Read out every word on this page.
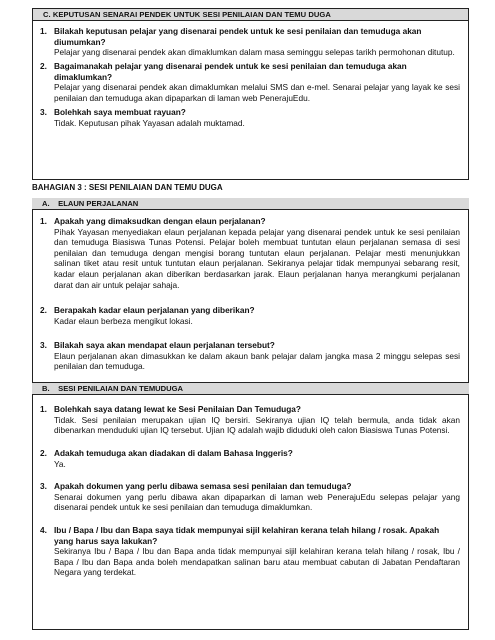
C. KEPUTUSAN SENARAI PENDEK UNTUK SESI PENILAIAN DAN TEMU DUGA
1. Bilakah keputusan pelajar yang disenarai pendek untuk ke sesi penilaian dan temuduga akan diumumkan?
Pelajar yang disenarai pendek akan dimaklumkan dalam masa seminggu selepas tarikh permohonan ditutup.
2. Bagaimanakah pelajar yang disenarai pendek untuk ke sesi penilaian dan temuduga akan dimaklumkan?
Pelajar yang disenarai pendek akan dimaklumkan melalui SMS dan e-mel. Senarai pelajar yang layak ke sesi penilaian dan temuduga akan dipaparkan di laman web PenerajuEdu.
3. Bolehkah saya membuat rayuan?
Tidak. Keputusan pihak Yayasan adalah muktamad.
BAHAGIAN 3 : SESI PENILAIAN DAN TEMU DUGA
A. ELAUN PERJALANAN
1. Apakah yang dimaksudkan dengan elaun perjalanan?
Pihak Yayasan menyediakan elaun perjalanan kepada pelajar yang disenarai pendek untuk ke sesi penilaian dan temuduga Biasiswa Tunas Potensi. Pelajar boleh membuat tuntutan elaun perjalanan semasa di sesi penilaian dan temuduga dengan mengisi borang tuntutan elaun perjalanan. Pelajar mesti menunjukkan salinan tiket atau resit untuk tuntutan elaun perjalanan. Sekiranya pelajar tidak mempunyai sebarang resit, kadar elaun perjalanan akan diberikan berdasarkan jarak. Elaun perjalanan hanya merangkumi perjalanan darat dan air untuk pelajar sahaja.
2. Berapakah kadar elaun perjalanan yang diberikan?
Kadar elaun berbeza mengikut lokasi.
3. Bilakah saya akan mendapat elaun perjalanan tersebut?
Elaun perjalanan akan dimasukkan ke dalam akaun bank pelajar dalam jangka masa 2 minggu selepas sesi penilaian dan temuduga.
B. SESI PENILAIAN DAN TEMUDUGA
1. Bolehkah saya datang lewat ke Sesi Penilaian Dan Temuduga?
Tidak. Sesi penilaian merupakan ujian IQ bersiri. Sekiranya ujian IQ telah bermula, anda tidak akan dibenarkan menduduki ujian IQ tersebut. Ujian IQ adalah wajib diduduki oleh calon Biasiswa Tunas Potensi.
2. Adakah temuduga akan diadakan di dalam Bahasa Inggeris?
Ya.
3. Apakah dokumen yang perlu dibawa semasa sesi penilaian dan temuduga?
Senarai dokumen yang perlu dibawa akan dipaparkan di laman web PenerajuEdu selepas pelajar yang disenarai pendek untuk ke sesi penilaian dan temuduga dimaklumkan.
4. Ibu / Bapa / Ibu dan Bapa saya tidak mempunyai sijil kelahiran kerana telah hilang / rosak. Apakah yang harus saya lakukan?
Sekiranya Ibu / Bapa / Ibu dan Bapa anda tidak mempunyai sijil kelahiran kerana telah hilang / rosak, Ibu / Bapa / Ibu dan Bapa anda boleh mendapatkan salinan baru atau membuat cabutan di Jabatan Pendaftaran Negara yang terdekat.
